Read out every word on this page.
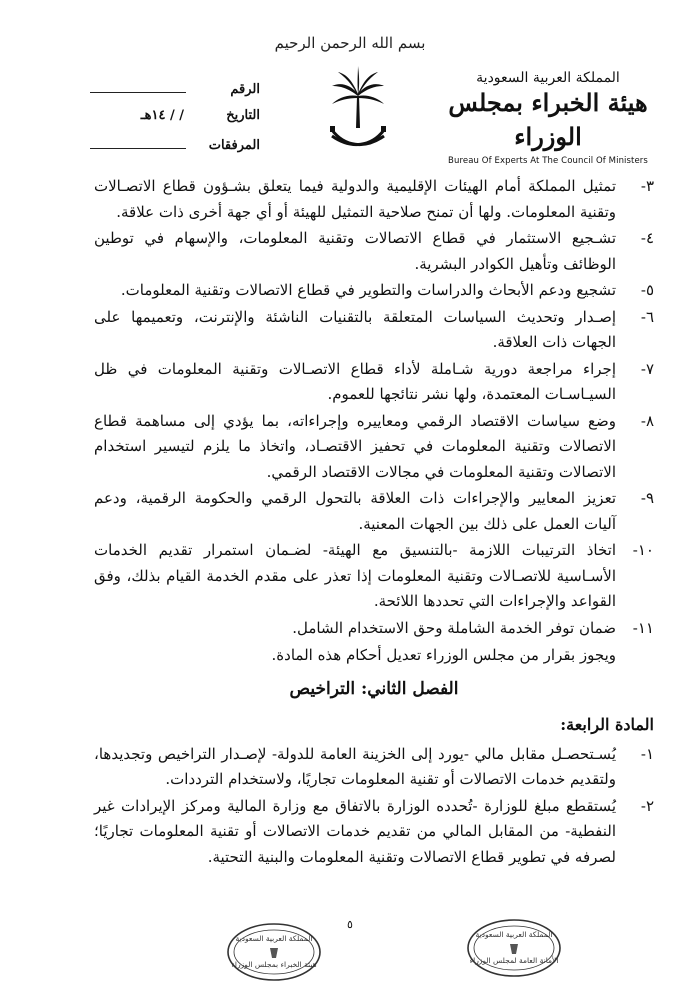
بسم الله الرحمن الرحيم
المملكة العربية السعودية
هيئة الخبراء بمجلس الوزراء
Bureau Of Experts At The Council Of Ministers
الرقم
التاريخ
/ / ١٤هـ
المرفقات
٣-
تمثيل المملكة أمام الهيئات الإقليمية والدولية فيما يتعلق بشـؤون قطاع الاتصـالات وتقنية المعلومات. ولها أن تمنح صلاحية التمثيل للهيئة أو أي جهة أخرى ذات علاقة.
٤-
تشـجيع الاستثمار في قطاع الاتصالات وتقنية المعلومات، والإسهام في توطين الوظائف وتأهيل الكوادر البشرية.
٥-
تشجيع ودعم الأبحاث والدراسات والتطوير في قطاع الاتصالات وتقنية المعلومات.
٦-
إصـدار وتحديث السياسات المتعلقة بالتقنيات الناشئة والإنترنت، وتعميمها على الجهات ذات العلاقة.
٧-
إجراء مراجعة دورية شـاملة لأداء قطاع الاتصـالات وتقنية المعلومات في ظل السيـاسـات المعتمدة، ولها نشر نتائجها للعموم.
٨-
وضع سياسات الاقتصاد الرقمي ومعاييره وإجراءاته، بما يؤدي إلى مساهمة قطاع الاتصالات وتقنية المعلومات في تحفيز الاقتصـاد، واتخاذ ما يلزم لتيسير استخدام الاتصالات وتقنية المعلومات في مجالات الاقتصاد الرقمي.
٩-
تعزيز المعايير والإجراءات ذات العلاقة بالتحول الرقمي والحكومة الرقمية، ودعم آليات العمل على ذلك بين الجهات المعنية.
١٠-
اتخاذ الترتيبات اللازمة -بالتنسيق مع الهيئة- لضـمان استمرار تقديم الخدمات الأسـاسية للاتصـالات وتقنية المعلومات إذا تعذر على مقدم الخدمة القيام بذلك، وفق القواعد والإجراءات التي تحددها اللائحة.
١١-
ضمان توفر الخدمة الشاملة وحق الاستخدام الشامل.
ويجوز بقرار من مجلس الوزراء تعديل أحكام هذه المادة.
الفصل الثاني: التراخيص
المادة الرابعة:
١-
يُسـتحصـل مقابل مالي -يورد إلى الخزينة العامة للدولة- لإصـدار التراخيص وتجديدها، ولتقديم خدمات الاتصالات أو تقنية المعلومات تجاريًا، ولاستخدام الترددات.
٢-
يُستقطع مبلغ للوزارة -تُحدده الوزارة بالاتفاق مع وزارة المالية ومركز الإيرادات غير النفطية- من المقابل المالي من تقديم خدمات الاتصالات أو تقنية المعلومات تجاريًا؛ لصرفه في تطوير قطاع الاتصالات وتقنية المعلومات والبنية التحتية.
٥
المملكة العربية السعودية
هيئة الخبراء بمجلس الوزراء
المملكة العربية السعودية
الأمانة العامة لمجلس الوزراء
